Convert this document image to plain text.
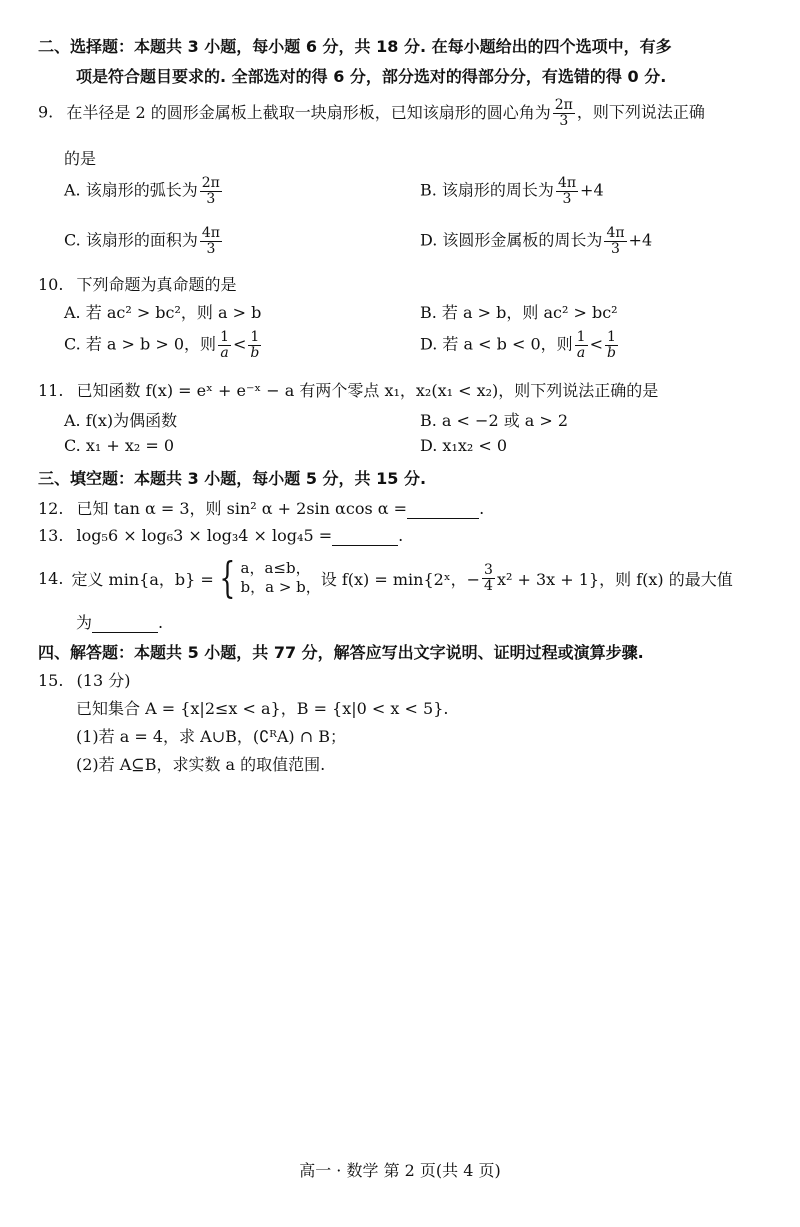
二、选择题：本题共 3 小题，每小题 6 分，共 18 分. 在每小题给出的四个选项中，有多
项是符合题目要求的. 全部选对的得 6 分，部分选对的得部分分，有选错的得 0 分.
9. 在半径是 2 的圆形金属板上截取一块扇形板，已知该扇形的圆心角为 $\frac{2\pi}{3}$ ，则下列说法正确
的是
A. 该扇形的弧长为 $\frac{2\pi}{3}$	B. 该扇形的周长为 $\frac{4\pi}{3} +4$
C. 该扇形的面积为 $\frac{4\pi}{3}$	D. 该圆形金属板的周长为 $\frac{4\pi}{3} +4$
10. 下列命题为真命题的是
A. 若 ac² > bc²，则 a > b	B. 若 a > b，则 ac² > bc²
C. 若 a > b > 0，则 $\frac{1}{a} < \frac{1}{b}$	D. 若 a < b < 0，则 $\frac{1}{a} < \frac{1}{b}$
11. 已知函数 f(x) = eˣ + e⁻ˣ − a 有两个零点 x₁，x₂(x₁ < x₂)，则下列说法正确的是
A. f(x)为偶函数	B. a < −2 或 a > 2
C. x₁ + x₂ = 0	D. x₁x₂ < 0
三、填空题：本题共 3 小题，每小题 5 分，共 15 分.
12. 已知 tan α = 3，则 sin² α + 2sin αcos α =	.
13. log₅6 × log₆3 × log₃4 × log₄5 =	.
14. 定义 min{a，b} = { a，a≤b，
b，a > b， 设 f(x) = min{2ˣ，− $\frac{3}{4} x^2 + 3x + 1$}，则 f(x) 的最大值
为	.
四、解答题：本题共 5 小题，共 77 分，解答应写出文字说明、证明过程或演算步骤.
15. (13 分)
已知集合 A = {x|2≤x < a}，B = {x|0 < x < 5}.
(1)若 a = 4，求 A∪B，(∁ᴿA) ∩ B；
(2)若 A⊆B，求实数 a 的取值范围.
高一 · 数学 第 2 页(共 4 页)
